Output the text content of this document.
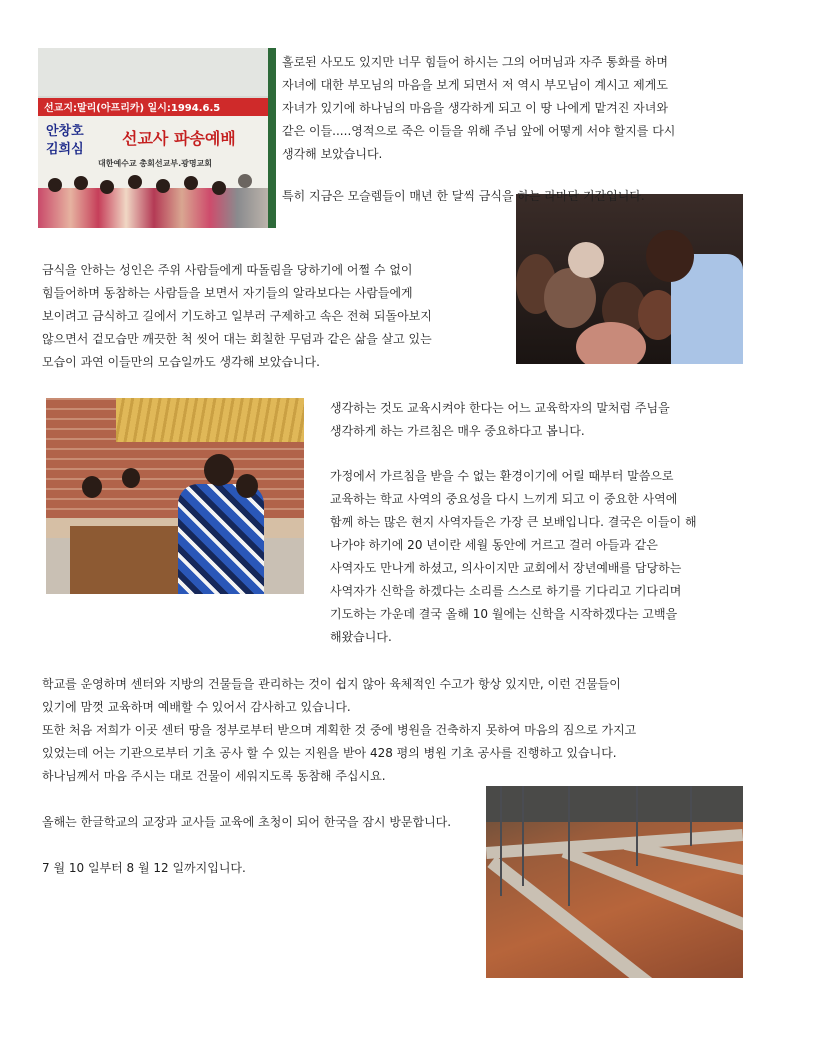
선교지:말리(아프리카) 일시:1994.6.5
안창호
김희심
선교사 파송예배
대한예수교 총회선교부.광명교회
홀로된 사모도 있지만 너무 힘들어 하시는 그의 어머님과 자주 통화를 하며
자녀에 대한 부모님의 마음을 보게 되면서 저 역시 부모님이 계시고 제게도
자녀가 있기에 하나님의 마음을 생각하게 되고 이 땅 나에게 맡겨진 자녀와
같은 이들.....영적으로 죽은 이들을 위해 주님 앞에 어떻게 서야 할지를 다시
생각해 보았습니다.
특히 지금은 모슬렘들이 매년 한 달씩 금식을 하는 라마단 기간입니다.
금식을 안하는 성인은 주위 사람들에게 따돌림을 당하기에 어쩔 수 없이
힘들어하며 동참하는 사람들을 보면서 자기들의 알라보다는 사람들에게
보이려고 금식하고 길에서 기도하고 일부러 구제하고 속은 전혀 되돌아보지
않으면서 겉모습만 깨끗한 척 씻어 대는 회칠한 무덤과 같은 삶을 살고 있는
모습이 과연 이들만의 모습일까도 생각해 보았습니다.
생각하는 것도 교육시켜야 한다는 어느 교육학자의 말처럼 주님을
생각하게 하는 가르침은 매우 중요하다고 봅니다.
가정에서 가르침을 받을 수 없는 환경이기에 어릴 때부터 말씀으로
교육하는 학교 사역의 중요성을 다시 느끼게 되고 이 중요한 사역에
함께 하는 많은 현지 사역자들은 가장 큰 보배입니다. 결국은 이들이 해
나가야 하기에 20 년이란 세월 동안에 거르고 걸러 아들과 같은
사역자도 만나게 하셨고, 의사이지만 교회에서 장년예배를 담당하는
사역자가 신학을 하겠다는 소리를 스스로 하기를 기다리고 기다리며
기도하는 가운데 결국 올해 10 월에는 신학을 시작하겠다는 고백을
해왔습니다.
학교를 운영하며 센터와 지방의 건물들을 관리하는 것이 쉽지 않아 육체적인 수고가 항상 있지만, 이런 건물들이
있기에 맘껏 교육하며 예배할 수 있어서 감사하고 있습니다.
또한 처음 저희가 이곳 센터 땅을 정부로부터 받으며 계획한 것 중에 병원을 건축하지 못하여 마음의 짐으로 가지고
있었는데 어는 기관으로부터 기초 공사 할 수 있는 지원을 받아 428 평의 병원 기초 공사를 진행하고 있습니다.
하나님께서 마음 주시는 대로 건물이 세워지도록 동참해 주십시요.
올해는 한글학교의 교장과 교사들 교육에 초청이 되어 한국을 잠시 방문합니다.
7 월 10 일부터 8 월 12 일까지입니다.
